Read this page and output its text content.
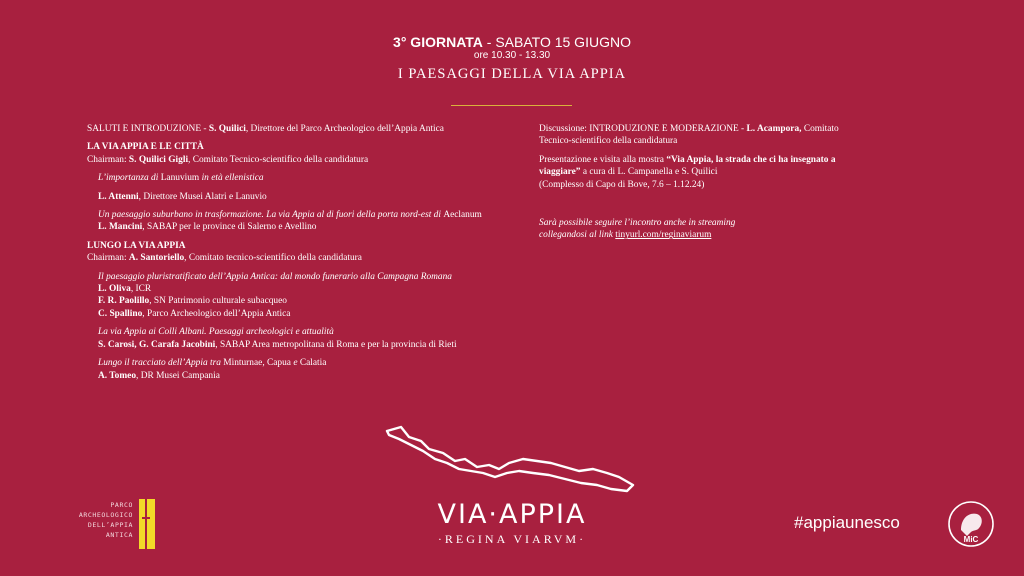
3° GIORNATA - SABATO 15 GIUGNO
ore 10.30 - 13.30
I PAESAGGI DELLA VIA APPIA
SALUTI E INTRODUZIONE - S. Quilici, Direttore del Parco Archeologico dell’Appia Antica
LA VIA APPIA E LE CITTÀ
Chairman: S. Quilici Gigli, Comitato Tecnico-scientifico della candidatura
L’importanza di Lanuvium in età ellenistica
L. Attenni, Direttore Musei Alatri e Lanuvio
Un paesaggio suburbano in trasformazione. La via Appia al di fuori della porta nord-est di Aeclanum
L. Mancini, SABAP per le province di Salerno e Avellino
LUNGO LA VIA APPIA
Chairman: A. Santoriello, Comitato tecnico-scientifico della candidatura
Il paesaggio pluristratificato dell’Appia Antica: dal mondo funerario alla Campagna Romana
L. Oliva, ICR
F. R. Paolillo, SN Patrimonio culturale subacqueo
C. Spallino, Parco Archeologico dell’Appia Antica
La via Appia ai Colli Albani. Paesaggi archeologici e attualità
S. Carosi, G. Carafa Jacobini, SABAP Area metropolitana di Roma e per la provincia di Rieti
Lungo il tracciato dell’Appia tra Minturnae, Capua e Calatia
A. Tomeo, DR Musei Campania
Discussione: INTRODUZIONE E MODERAZIONE - L. Acampora, Comitato
Tecnico-scientifico della candidatura
Presentazione e visita alla mostra “Via Appia, la strada che ci ha insegnato a
viaggiare” a cura di L. Campanella e S. Quilici
(Complesso di Capo di Bove, 7.6 – 1.12.24)
Sarà possibile seguire l’incontro anche in streaming
collegandosi al link tinyurl.com/reginaviarum
VIA·APPIA
·REGINA VIARVM·
PARCO
ARCHEOLOGICO
DELL’APPIA
ANTICA
#appiaunesco
MiC
